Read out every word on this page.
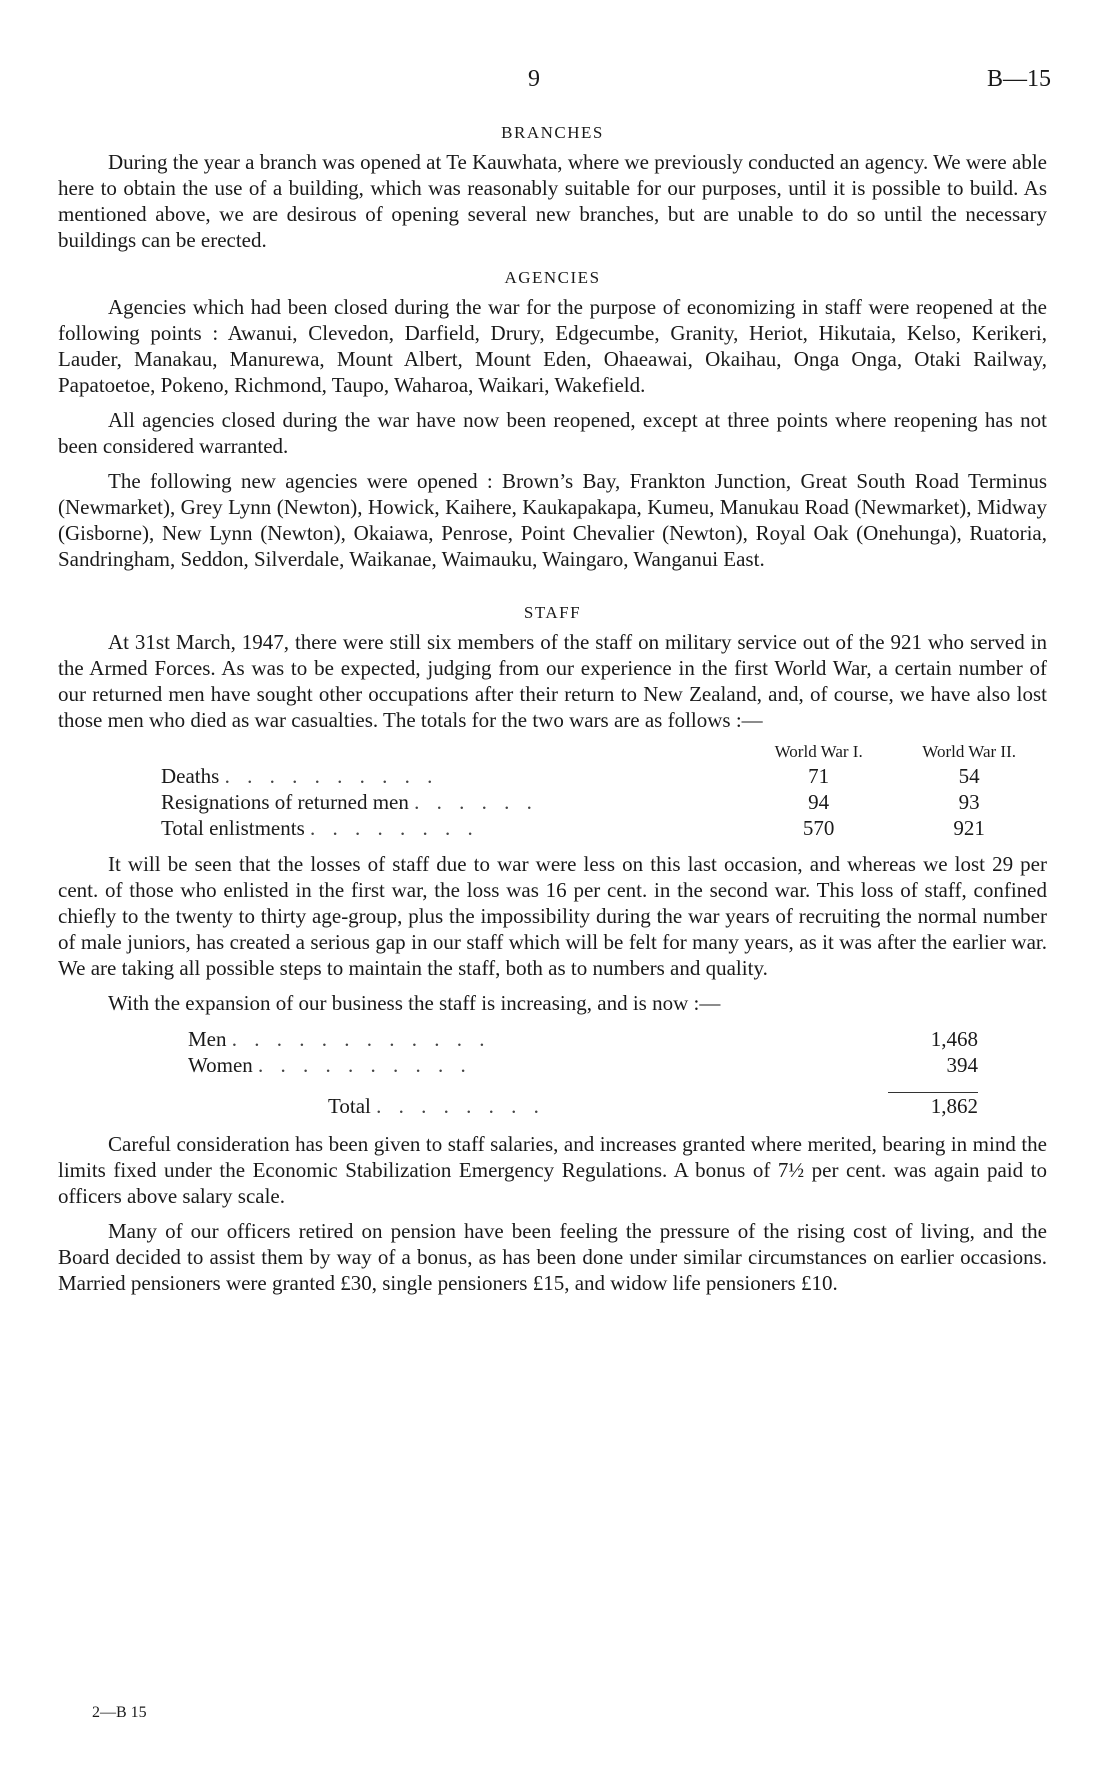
9	B—15
BRANCHES

During the year a branch was opened at Te Kauwhata, where we previously conducted an agency. We were able here to obtain the use of a building, which was reasonably suitable for our purposes, until it is possible to build. As mentioned above, we are desirous of opening several new branches, but are unable to do so until the necessary buildings can be erected.

AGENCIES

Agencies which had been closed during the war for the purpose of economizing in staff were reopened at the following points : Awanui, Clevedon, Darfield, Drury, Edgecumbe, Granity, Heriot, Hikutaia, Kelso, Kerikeri, Lauder, Manakau, Manurewa, Mount Albert, Mount Eden, Ohaeawai, Okaihau, Onga Onga, Otaki Railway, Papatoetoe, Pokeno, Richmond, Taupo, Waharoa, Waikari, Wakefield.

All agencies closed during the war have now been reopened, except at three points where reopening has not been considered warranted.

The following new agencies were opened : Brown’s Bay, Frankton Junction, Great South Road Terminus (Newmarket), Grey Lynn (Newton), Howick, Kaihere, Kaukapakapa, Kumeu, Manukau Road (Newmarket), Midway (Gisborne), New Lynn (Newton), Okaiawa, Penrose, Point Chevalier (Newton), Royal Oak (Onehunga), Ruatoria, Sandringham, Seddon, Silverdale, Waikanae, Waimauku, Waingaro, Wanganui East.

STAFF

At 31st March, 1947, there were still six members of the staff on military service out of the 921 who served in the Armed Forces. As was to be expected, judging from our experience in the first World War, a certain number of our returned men have sought other occupations after their return to New Zealand, and, of course, we have also lost those men who died as war casualties. The totals for the two wars are as follows :—

	World War I.	World War II.
Deaths . . . . . . . . . .	71	54
Resignations of returned men . . . . . .	94	93
Total enlistments . . . . . . . .	570	921

It will be seen that the losses of staff due to war were less on this last occasion, and whereas we lost 29 per cent. of those who enlisted in the first war, the loss was 16 per cent. in the second war. This loss of staff, confined chiefly to the twenty to thirty age-group, plus the impossibility during the war years of recruiting the normal number of male juniors, has created a serious gap in our staff which will be felt for many years, as it was after the earlier war. We are taking all possible steps to maintain the staff, both as to numbers and quality.

With the expansion of our business the staff is increasing, and is now :—

Men . . . . . . . . . . . .	1,468
Women . . . . . . . . . .	394

Total . . . . . . . .	1,862

Careful consideration has been given to staff salaries, and increases granted where merited, bearing in mind the limits fixed under the Economic Stabilization Emergency Regulations. A bonus of 7½ per cent. was again paid to officers above salary scale.

Many of our officers retired on pension have been feeling the pressure of the rising cost of living, and the Board decided to assist them by way of a bonus, as has been done under similar circumstances on earlier occasions. Married pensioners were granted £30, single pensioners £15, and widow life pensioners £10.

2—B 15
